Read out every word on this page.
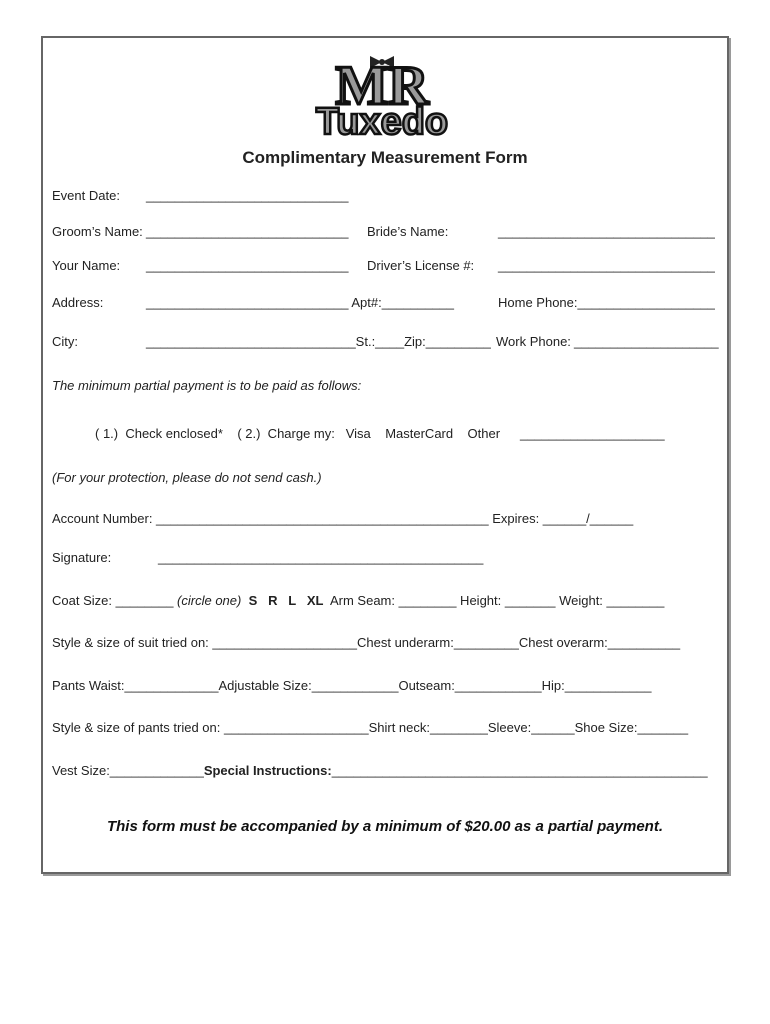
MR
Tuxedo
Complimentary Measurement Form
Event Date: ____________________________
Groom’s Name: ____________________________ Bride’s Name:	______________________________
Your Name: ____________________________ Driver’s License #: ______________________________
Address:	____________________________ Apt#:__________	Home Phone:___________________
City:	_____________________________St.:____Zip:_________ Work Phone: ____________________
The minimum partial payment is to be paid as follows:
( 1.)  Check enclosed*    ( 2.)  Charge my:   Visa    MasterCard    Other ____________________
(For your protection, please do not send cash.)
Account Number: ______________________________________________ Expires: ______/______
Signature:	_____________________________________________
Coat Size: ________ (circle one) S   R   L   XL Arm Seam: ________ Height: _______ Weight: ________
Style & size of suit tried on: ____________________Chest underarm:_________Chest overarm:__________
Pants Waist:_____________Adjustable Size:____________Outseam:____________Hip:____________
Style & size of pants tried on: ____________________Shirt neck:________Sleeve:______Shoe Size:_______
Vest Size:_____________Special Instructions:____________________________________________________
This form must be accompanied by a minimum of $20.00 as a partial payment.
